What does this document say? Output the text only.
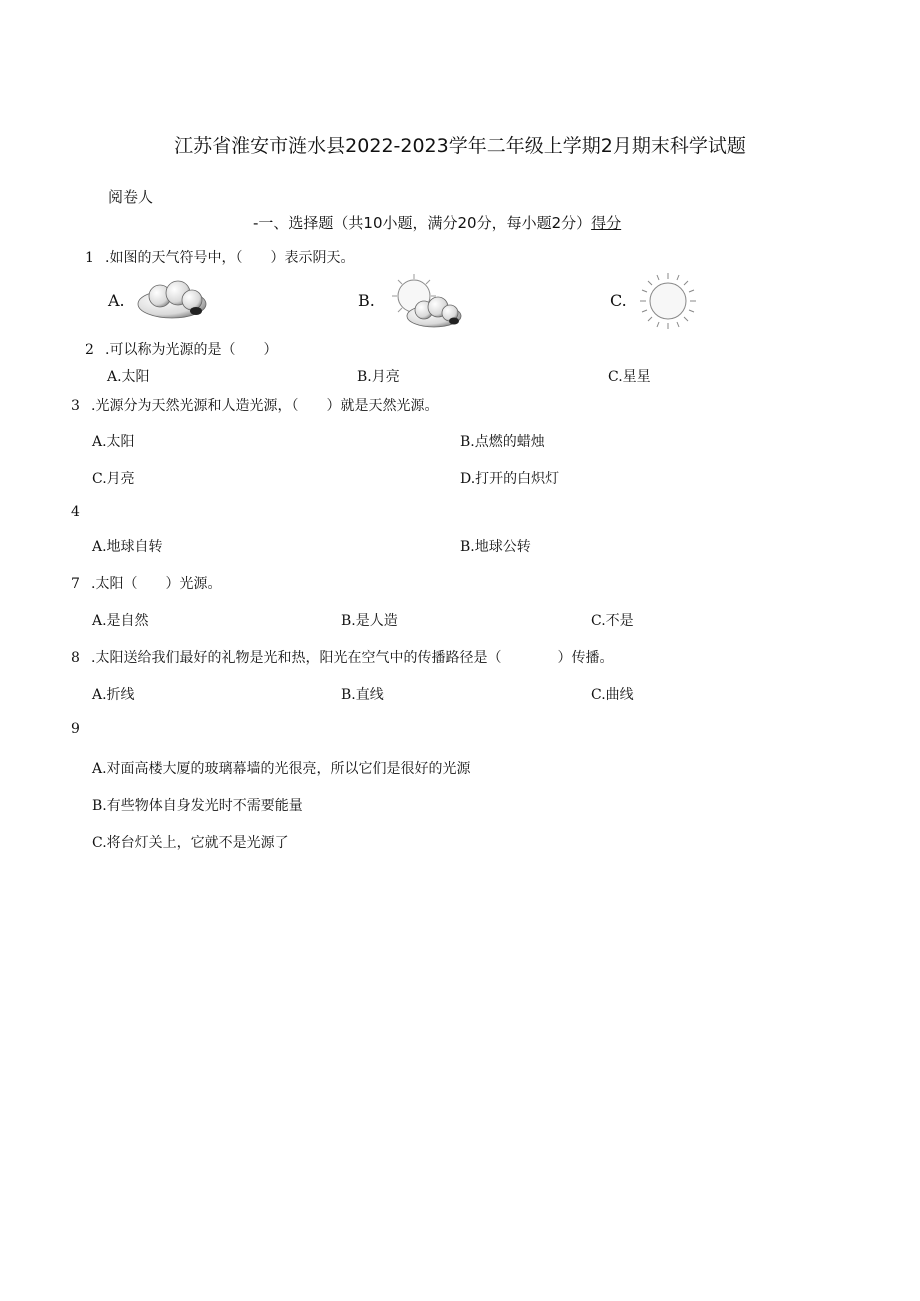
江苏省淮安市涟水县2022-2023学年二年级上学期2月期末科学试题
阅卷人
-一、选择题（共10小题，满分20分，每小题2分）得分
1 .如图的天气符号中，（　　）表示阴天。
A.	B.	C.
2 .可以称为光源的是（　　）
A.太阳	B.月亮	C.星星
3 .光源分为天然光源和人造光源，（　　）就是天然光源。
A.太阳	B.点燃的蜡烛
C.月亮	D.打开的白炽灯
4
A.地球自转	B.地球公转
7 .太阳（　　）光源。
A.是自然	B.是人造	C.不是
8 .太阳送给我们最好的礼物是光和热，阳光在空气中的传播路径是（　　　　）传播。
A.折线	B.直线	C.曲线
9
A.对面高楼大厦的玻璃幕墙的光很亮，所以它们是很好的光源
B.有些物体自身发光时不需要能量
C.将台灯关上，它就不是光源了
